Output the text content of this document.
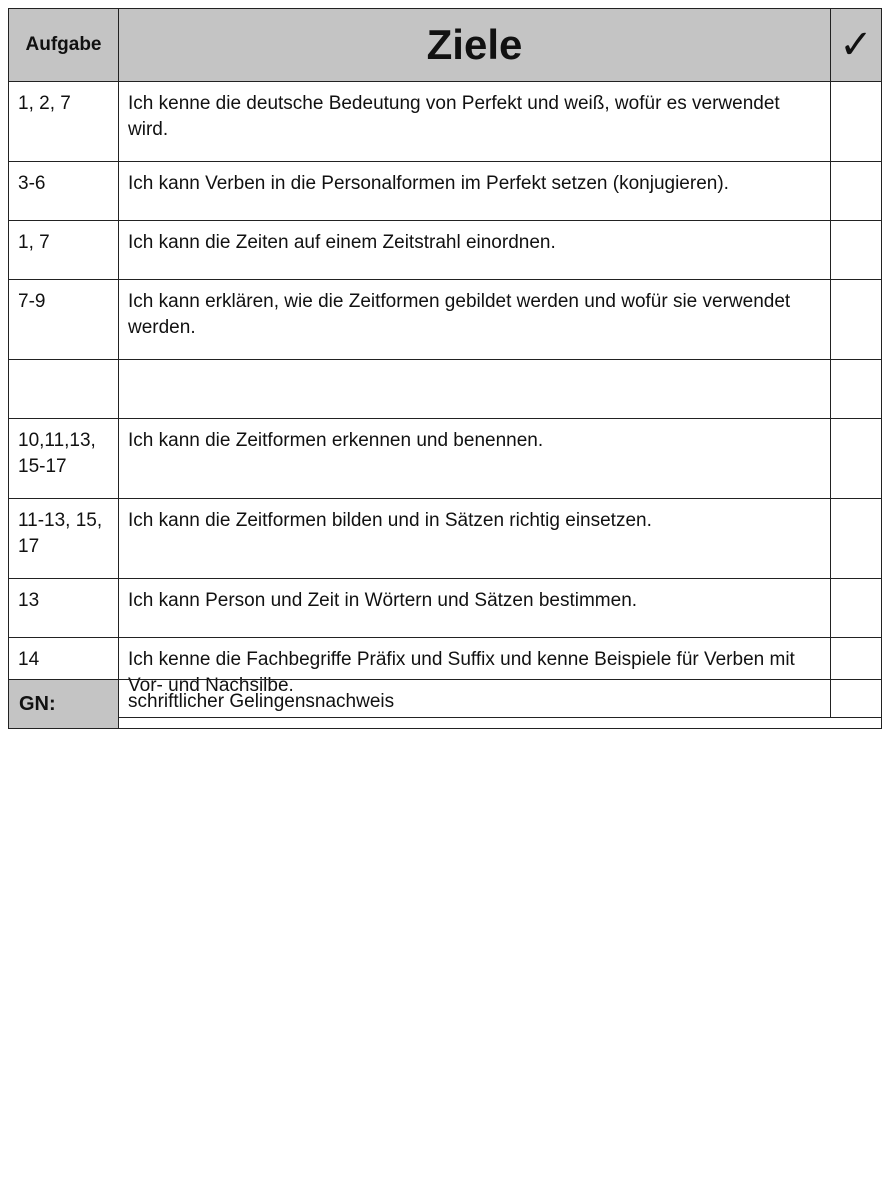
Aufgabe	Ziele	✓
1, 2, 7	Ich kenne die deutsche Bedeutung von Perfekt und weiß, wofür es verwendet wird.	
3-6	Ich kann Verben in die Personalformen im Perfekt setzen (konjugieren).	
1, 7	Ich kann die Zeiten auf einem Zeitstrahl einordnen.	
7-9	Ich kann erklären, wie die Zeitformen gebildet werden und wofür sie verwendet werden.	

10,11,13, 15-17	Ich kann die Zeitformen erkennen und benennen.	
11-13, 15, 17	Ich kann die Zeitformen bilden und in Sätzen richtig einsetzen.	
13	Ich kann Person und Zeit in Wörtern und Sätzen bestimmen.	
14	Ich kenne die Fachbegriffe Präfix und Suffix und kenne Beispiele für Verben mit Vor- und Nachsilbe.	
GN:	schriftlicher Gelingensnachweis
